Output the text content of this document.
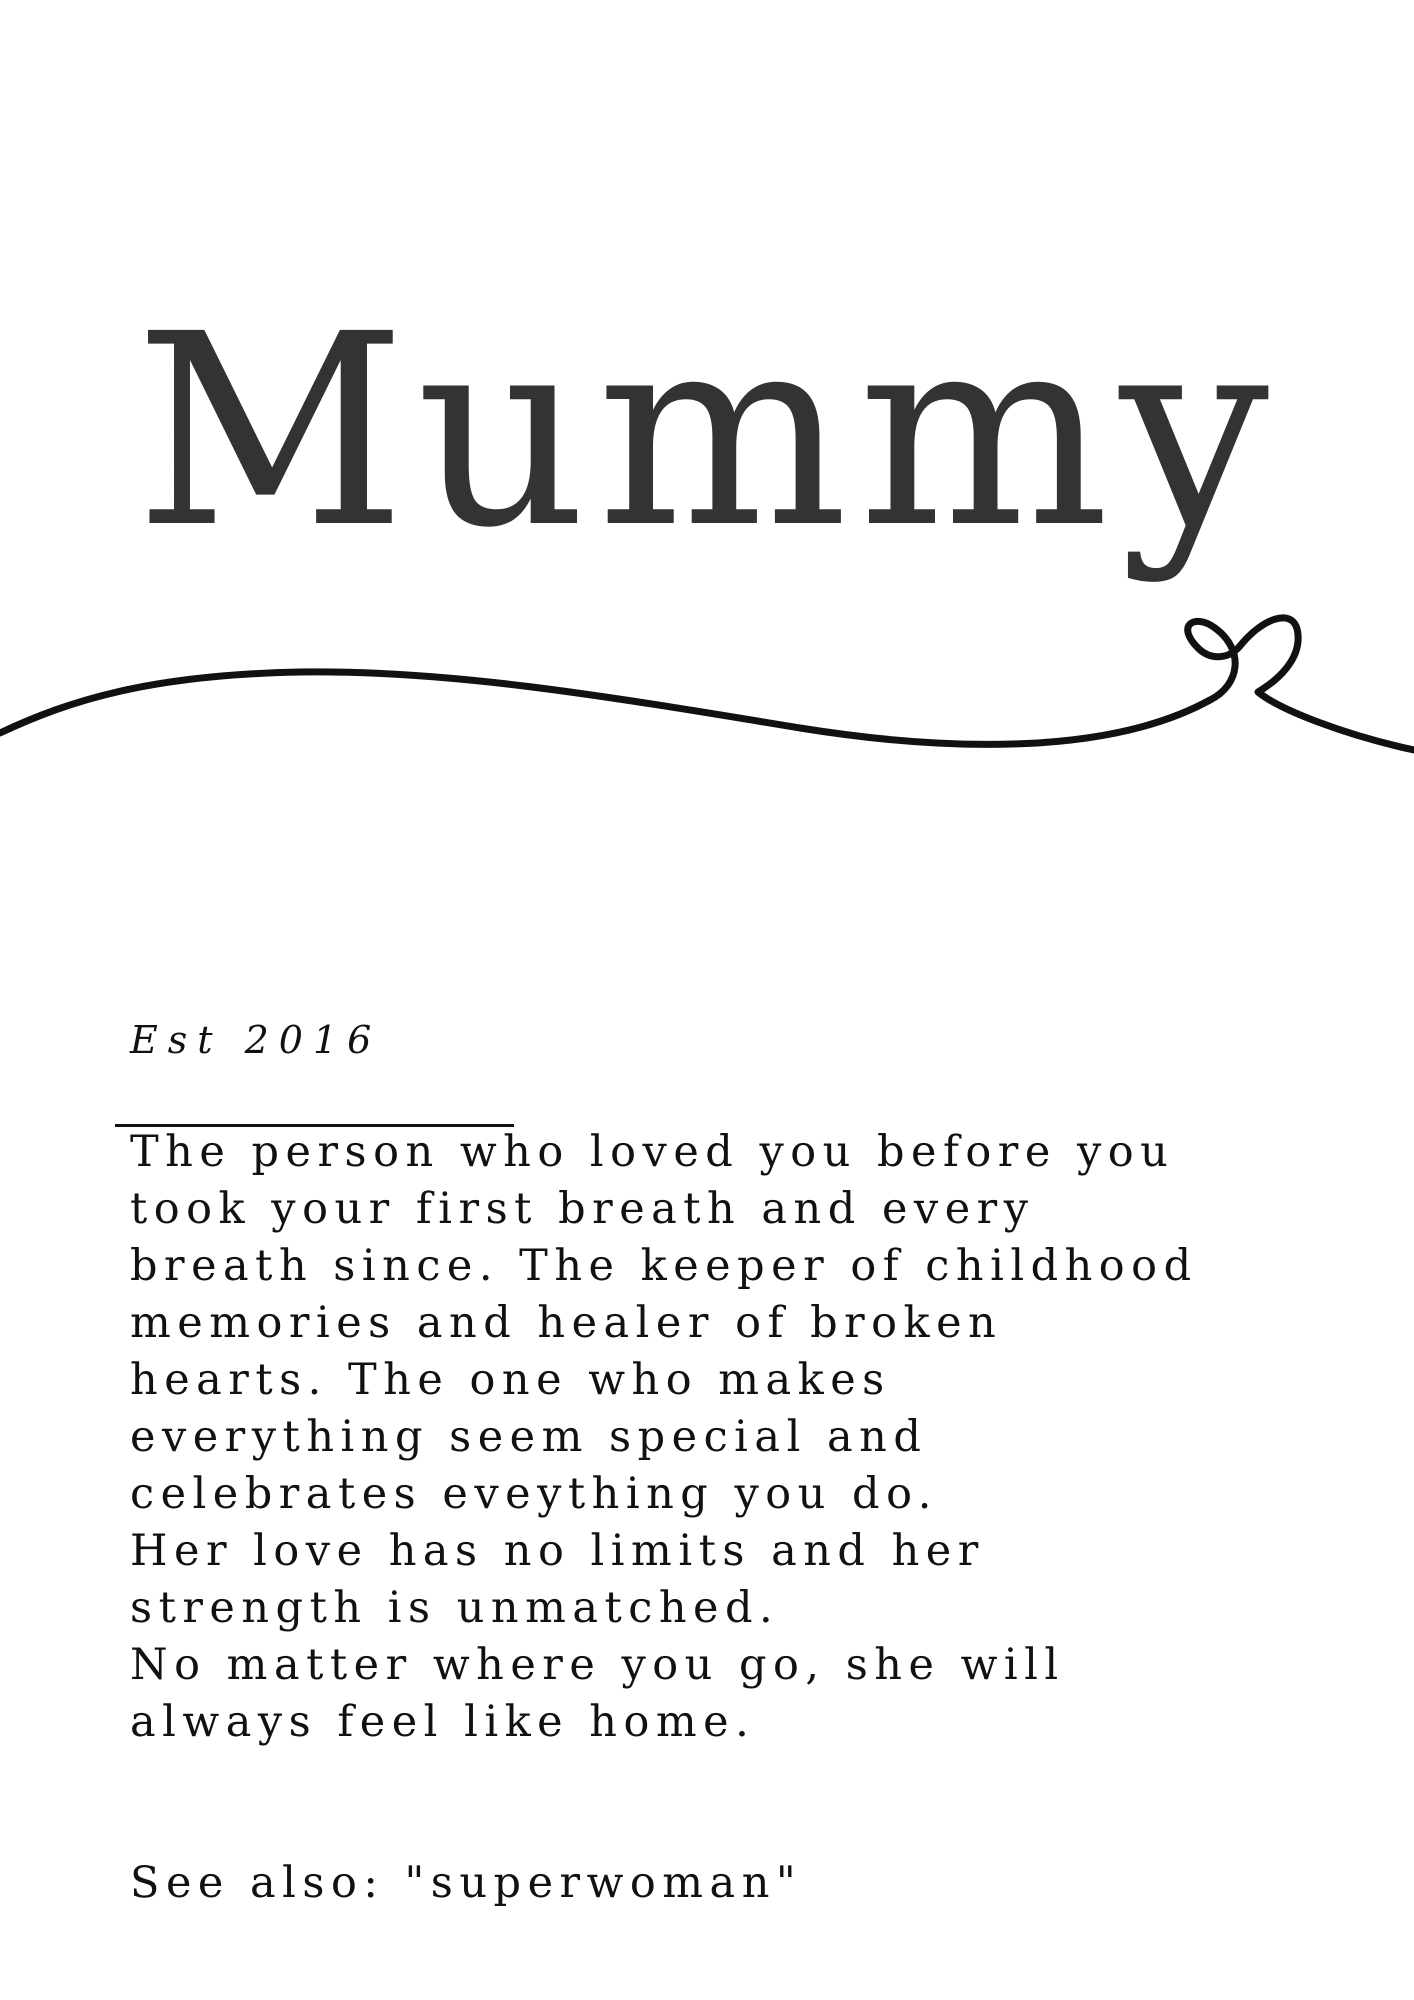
Mummy

Est 2016

The person who loved you before you
took your first breath and every
breath since. The keeper of childhood
memories and healer of broken
hearts. The one who makes
everything seem special and
celebrates eveything you do.
Her love has no limits and her
strength is unmatched.
No matter where you go, she will
always feel like home.

See also: "superwoman"
